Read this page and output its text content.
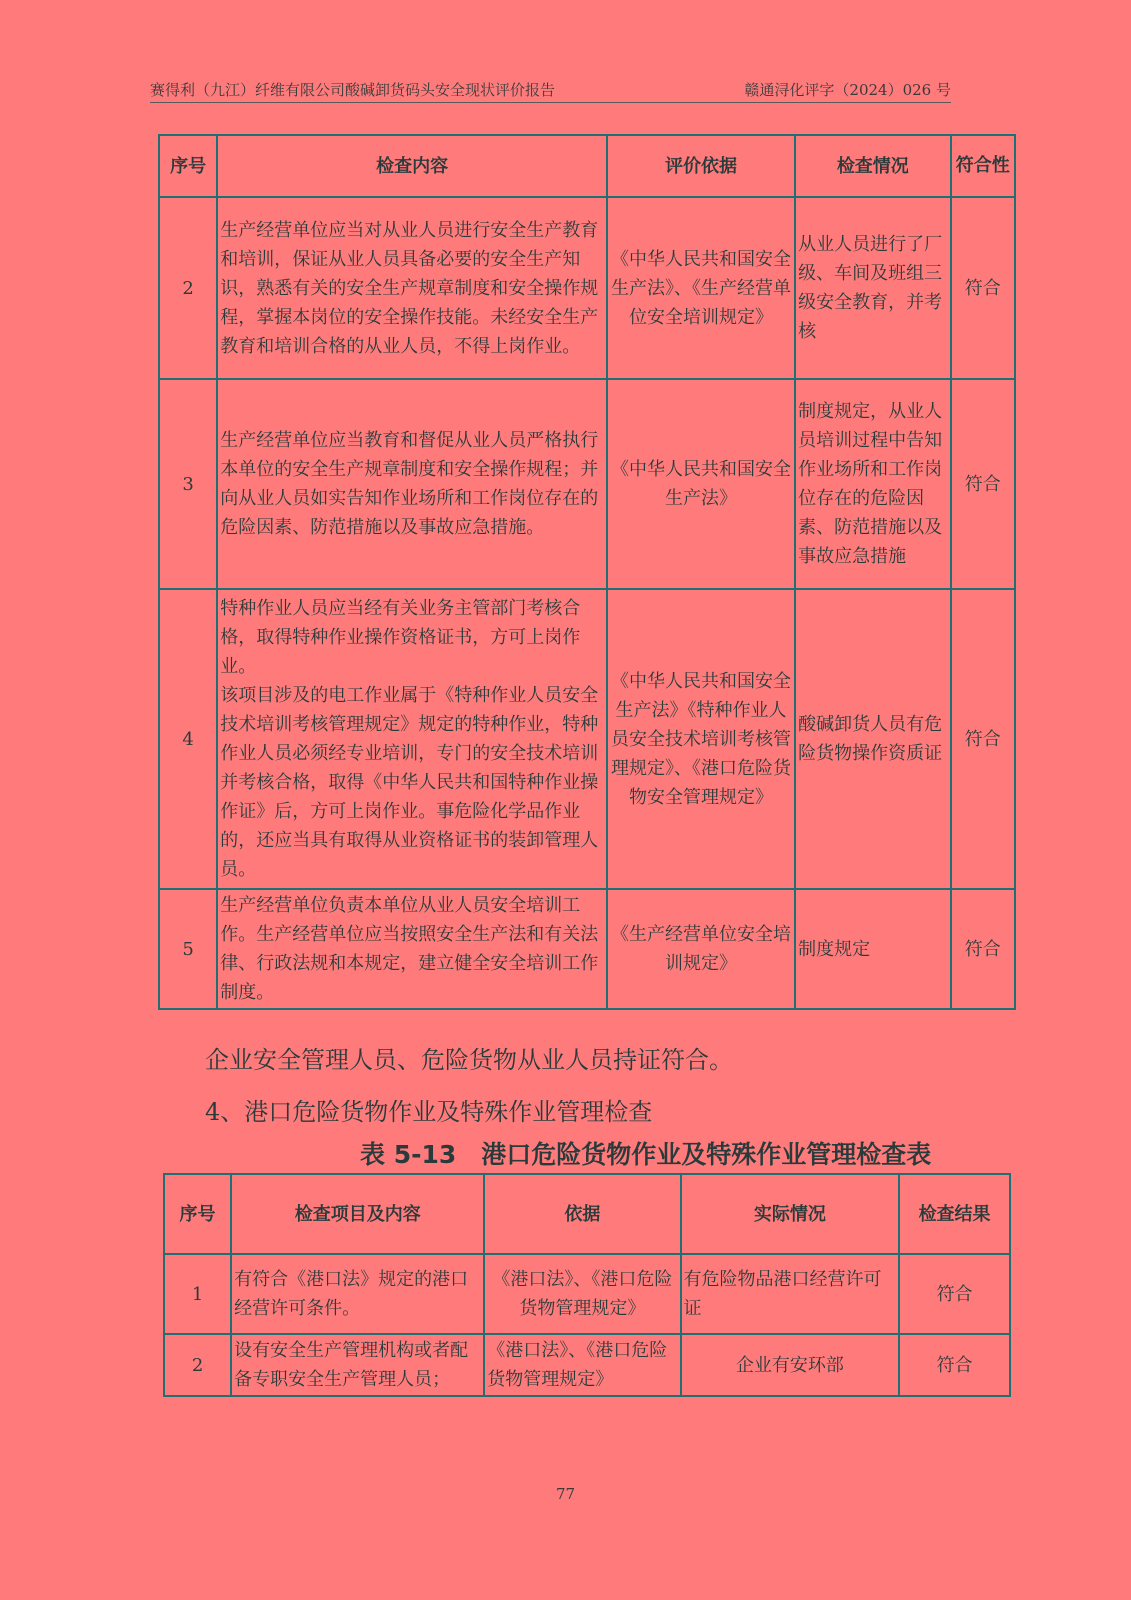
赛得利（九江）纤维有限公司酸碱卸货码头安全现状评价报告	赣通浔化评字（2024）026 号
序号	检查内容	评价依据	检查情况	符合性
2	生产经营单位应当对从业人员进行安全生产教育和培训，保证从业人员具备必要的安全生产知识，熟悉有关的安全生产规章制度和安全操作规程，掌握本岗位的安全操作技能。未经安全生产教育和培训合格的从业人员，不得上岗作业。	《中华人民共和国安全生产法》、《生产经营单位安全培训规定》	从业人员进行了厂级、车间及班组三级安全教育，并考核	符合
3	生产经营单位应当教育和督促从业人员严格执行本单位的安全生产规章制度和安全操作规程；并向从业人员如实告知作业场所和工作岗位存在的危险因素、防范措施以及事故应急措施。	《中华人民共和国安全生产法》	制度规定，从业人员培训过程中告知作业场所和工作岗位存在的危险因素、防范措施以及事故应急措施	符合
4	特种作业人员应当经有关业务主管部门考核合格，取得特种作业操作资格证书，方可上岗作业。
该项目涉及的电工作业属于《特种作业人员安全技术培训考核管理规定》规定的特种作业，特种作业人员必须经专业培训，专门的安全技术培训并考核合格，取得《中华人民共和国特种作业操作证》后，方可上岗作业。事危险化学品作业的，还应当具有取得从业资格证书的装卸管理人员。	《中华人民共和国安全生产法》《特种作业人员安全技术培训考核管理规定》、《港口危险货物安全管理规定》	酸碱卸货人员有危险货物操作资质证	符合
5	生产经营单位负责本单位从业人员安全培训工作。生产经营单位应当按照安全生产法和有关法律、行政法规和本规定，建立健全安全培训工作制度。	《生产经营单位安全培训规定》	制度规定	符合
企业安全管理人员、危险货物从业人员持证符合。
4、港口危险货物作业及特殊作业管理检查
表 5-13　港口危险货物作业及特殊作业管理检查表
序号	检查项目及内容	依据	实际情况	检查结果
1	有符合《港口法》规定的港口经营许可条件。	《港口法》、《港口危险货物管理规定》	有危险物品港口经营许可证	符合
2	设有安全生产管理机构或者配备专职安全生产管理人员；	《港口法》、《港口危险货物管理规定》	企业有安环部	符合
77
